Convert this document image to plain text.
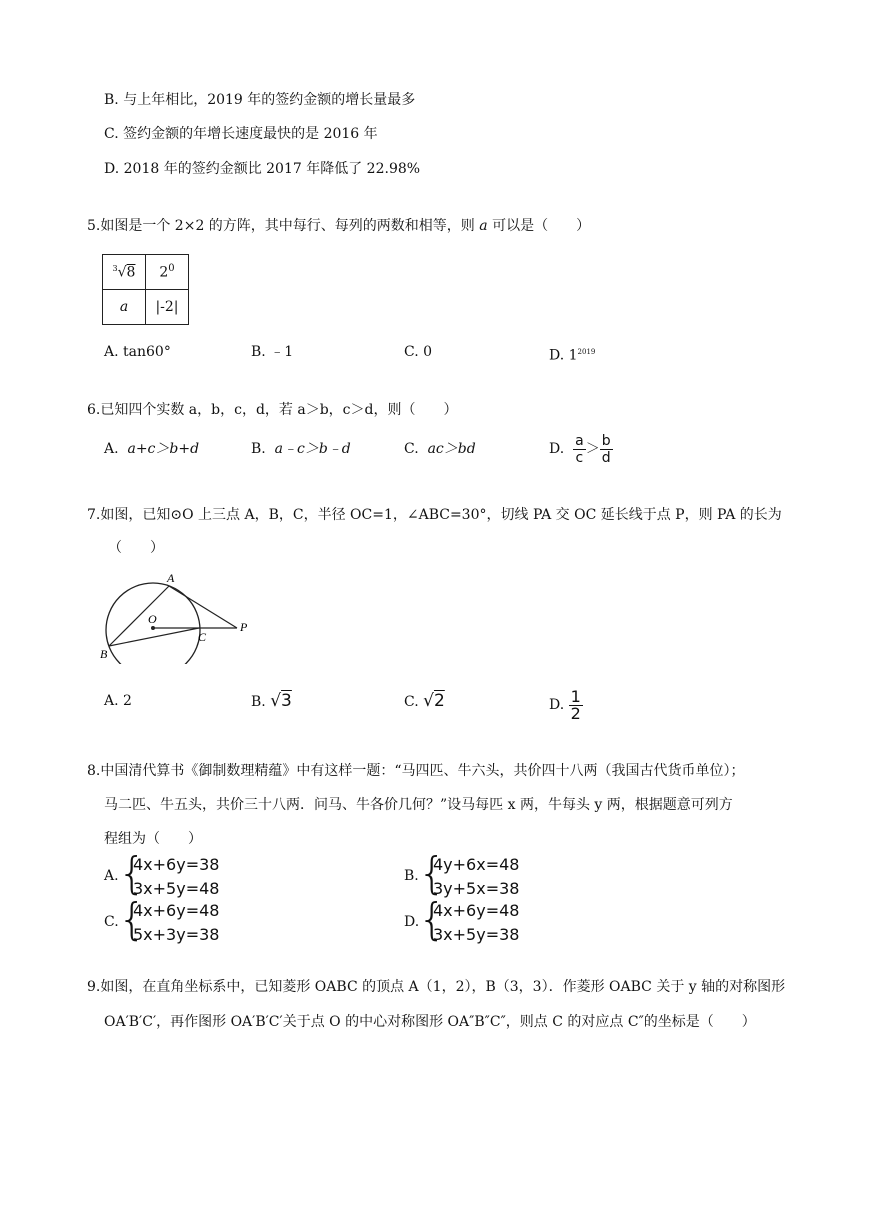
B. 与上年相比，2019 年的签约金额的增长量最多
C. 签约金额的年增长速度最快的是 2016 年
D. 2018 年的签约金额比 2017 年降低了 22.98%
5.如图是一个 2×2 的方阵，其中每行、每列的两数和相等，则 a 可以是（　　）
$^3$√8	$2^0$
a	|-2|
A. tan60°	B. ﹣1	C. 0	D. $1^{2019}$
6.已知四个实数 a，b，c，d，若 a＞b，c＞d，则（　　）
A. a+c＞b+d	B. a﹣c＞b﹣d	C. ac＞bd	D. $\frac{a}{c} > \frac{b}{d}$
7.如图，已知⊙O 上三点 A，B，C，半径 OC=1，∠ABC=30°，切线 PA 交 OC 延长线于点 P，则 PA 的长为
（　　）
A
O
B
C
P
A. 2	B. √3	C. √2	D. $\frac{1}{2}$
8.中国清代算书《御制数理精蕴》中有这样一题：“马四匹、牛六头，共价四十八两（我国古代货币单位）；
马二匹、牛五头，共价三十八两．问马、牛各价几何？”设马每匹 x 两，牛每头 y 两，根据题意可列方
程组为（　　）
A. {
4x+6y=38
3x+5y=48
B. {
4y+6x=48
3y+5x=38
C. {
4x+6y=48
5x+3y=38
D.
{
4x+6y=48
3x+5y=38
9.如图，在直角坐标系中，已知菱形 OABC 的顶点 A（1，2），B（3，3）．作菱形 OABC 关于 y 轴的对称图形
OA′B′C′，再作图形 OA′B′C′关于点 O 的中心对称图形 OA″B″C″，则点 C 的对应点 C″的坐标是（　　）
